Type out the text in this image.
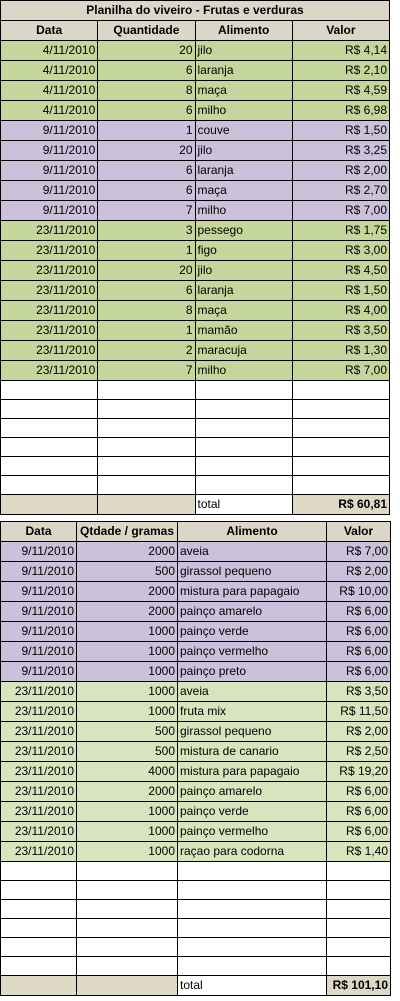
Planilha do viveiro - Frutas e verduras			
Data	Quantidade	Alimento	Valor
4/11/2010	20	jilo	R$ 4,14
4/11/2010	6	laranja	R$ 2,10
4/11/2010	8	maça	R$ 4,59
4/11/2010	6	milho	R$ 6,98
9/11/2010	1	couve	R$ 1,50
9/11/2010	20	jilo	R$ 3,25
9/11/2010	6	laranja	R$ 2,00
9/11/2010	6	maça	R$ 2,70
9/11/2010	7	milho	R$ 7,00
23/11/2010	3	pessego	R$ 1,75
23/11/2010	1	figo	R$ 3,00
23/11/2010	20	jilo	R$ 4,50
23/11/2010	6	laranja	R$ 1,50
23/11/2010	8	maça	R$ 4,00
23/11/2010	1	mamão	R$ 3,50
23/11/2010	2	maracuja	R$ 1,30
23/11/2010	7	milho	R$ 7,00

		total	R$ 60,81
Data	Qtdade / gramas	Alimento	Valor
9/11/2010	2000	aveia	R$ 7,00
9/11/2010	500	girassol pequeno	R$ 2,00
9/11/2010	2000	mistura para papagaio	R$ 10,00
9/11/2010	2000	painço amarelo	R$ 6,00
9/11/2010	1000	painço verde	R$ 6,00
9/11/2010	1000	painço vermelho	R$ 6,00
9/11/2010	1000	painço preto	R$ 6,00
23/11/2010	1000	aveia	R$ 3,50
23/11/2010	1000	fruta mix	R$ 11,50
23/11/2010	500	girassol pequeno	R$ 2,00
23/11/2010	500	mistura de canario	R$ 2,50
23/11/2010	4000	mistura para papagaio	R$ 19,20
23/11/2010	2000	painço amarelo	R$ 6,00
23/11/2010	1000	painço verde	R$ 6,00
23/11/2010	1000	painço vermelho	R$ 6,00
23/11/2010	1000	raçao para codorna	R$ 1,40

		total	R$ 101,10
